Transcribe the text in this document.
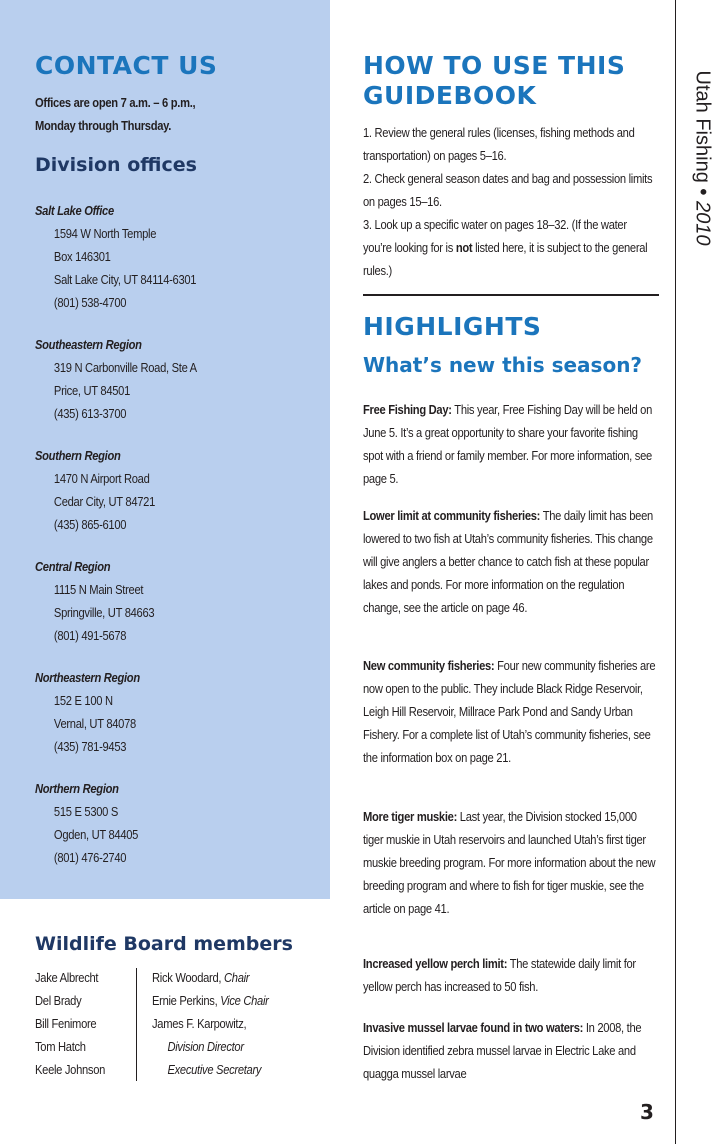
CONTACT US
Offices are open 7 a.m. – 6 p.m.,
Monday through Thursday.
Division offices
Salt Lake Office
1594 W North Temple
Box 146301
Salt Lake City, UT 84114-6301
(801) 538-4700
Southeastern Region
319 N Carbonville Road, Ste A
Price, UT 84501
(435) 613-3700
Southern Region
1470 N Airport Road
Cedar City, UT 84721
(435) 865-6100
Central Region
1115 N Main Street
Springville, UT 84663
(801) 491-5678
Northeastern Region
152 E 100 N
Vernal, UT 84078
(435) 781-9453
Northern Region
515 E 5300 S
Ogden, UT 84405
(801) 476-2740
Wildlife Board members
Jake Albrecht
Del Brady
Bill Fenimore
Tom Hatch
Keele Johnson
Rick Woodard, Chair
Ernie Perkins, Vice Chair
James F. Karpowitz,
Division Director
Executive Secretary
HOW TO USE THIS
GUIDEBOOK

1. Review the general rules (licenses, fishing methods and transportation) on pages 5–16.

2. Check general season dates and bag and possession limits on pages 15–16.

3. Look up a specific water on pages 18–32. (If the water you’re looking for is not listed here, it is subject to the general rules.)

HIGHLIGHTS
What’s new this season?

Free Fishing Day: This year, Free Fishing Day will be held on June 5. It’s a great opportunity to share your favorite fishing spot with a friend or family member. For more information, see page 5.

Lower limit at community fisheries: The daily limit has been lowered to two fish at Utah’s community fisheries. This change will give anglers a better chance to catch fish at these popular lakes and ponds. For more information on the regulation change, see the article on page 46.

New community fisheries: Four new community fisheries are now open to the public. They include Black Ridge Reservoir, Leigh Hill Reservoir, Millrace Park Pond and Sandy Urban Fishery. For a complete list of Utah’s community fisheries, see the information box on page 21.

More tiger muskie: Last year, the Division stocked 15,000 tiger muskie in Utah reservoirs and launched Utah’s first tiger muskie breeding program. For more information about the new breeding program and where to fish for tiger muskie, see the article on page 41.

Increased yellow perch limit: The statewide daily limit for yellow perch has increased to 50 fish.

Invasive mussel larvae found in two waters: In 2008, the Division identified zebra mussel larvae in Electric Lake and quagga mussel larvae

Utah Fishing • 2010
3
